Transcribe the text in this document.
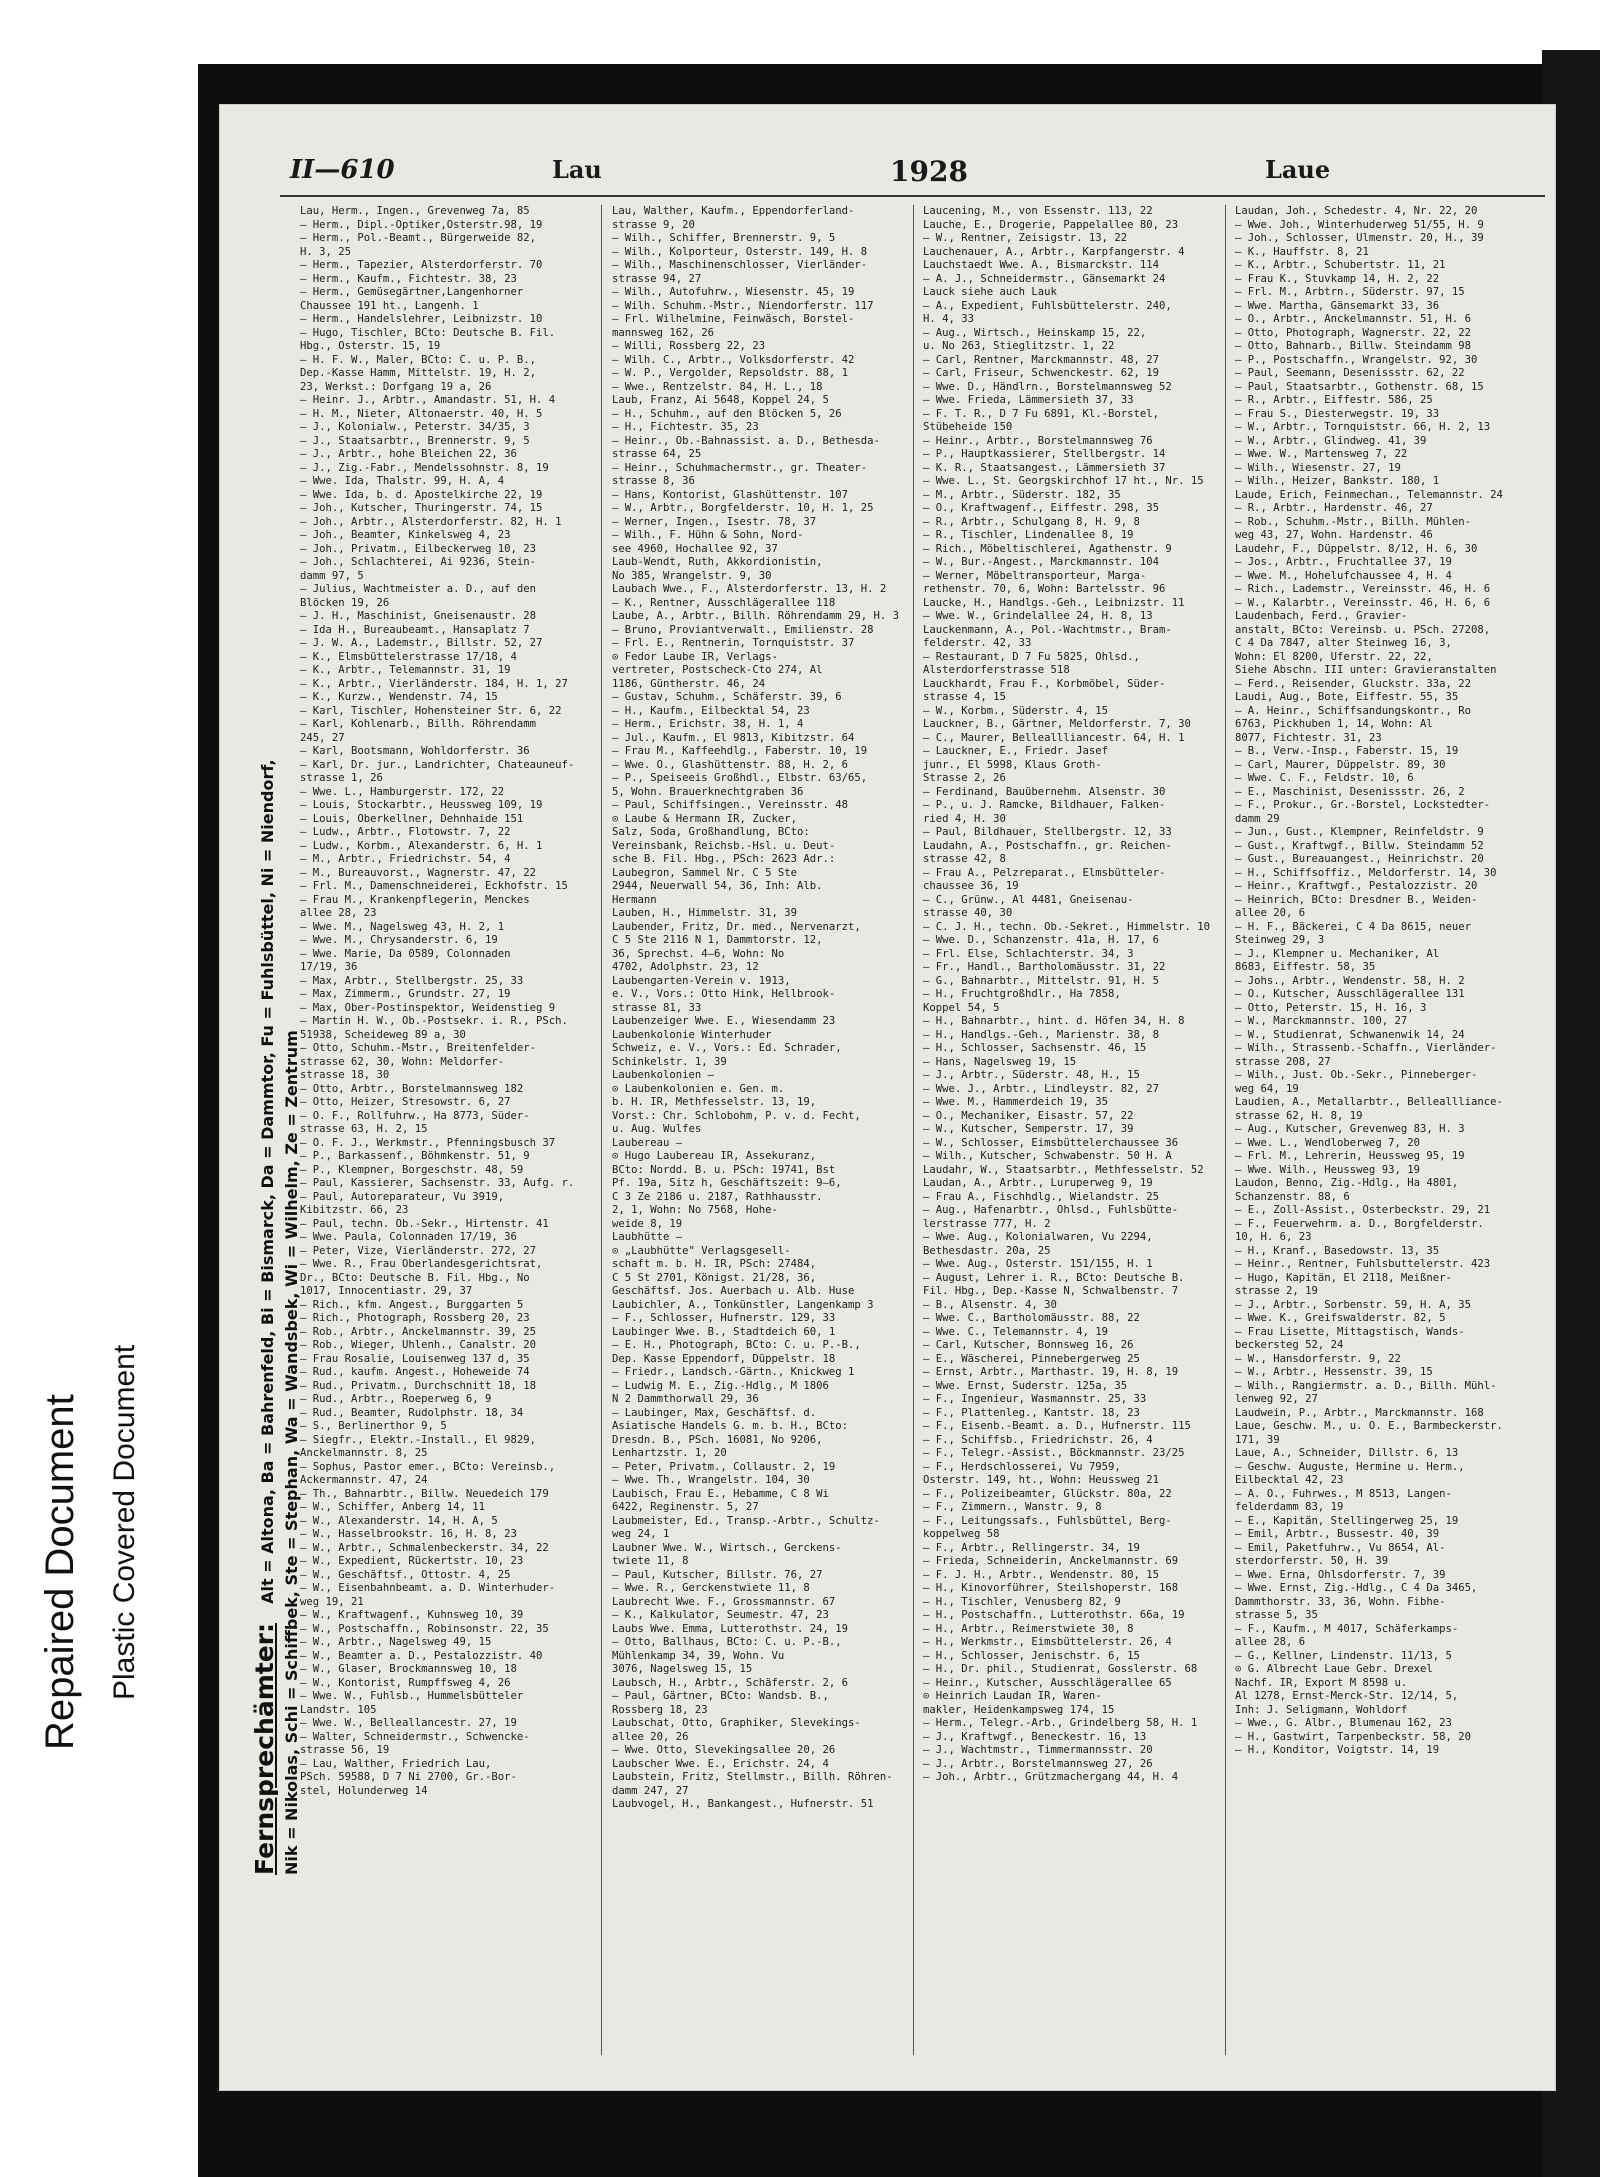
Repaired Document Plastic Covered Document
II—610	Lau	1928	Laue
Fernsprechämter: Alt = Altona, Ba = Bahrenfeld, Bi = Bismarck, Da = Dammtor, Fu = Fuhlsbüttel, Ni = Niendorf, Nik = Nikolas, Schi = Schiffbek, Ste = Stephan, Wa = Wandsbek, Wi = Wilhelm, Ze = Zentrum
Lau, Herm., Ingen., Grevenweg 7a, 85
— Herm., Dipl.-Optiker,Osterstr.98, 19
— Herm., Pol.-Beamt., Bürgerweide 82,
H. 3, 25
— Herm., Tapezier, Alsterdorferstr. 70
— Herm., Kaufm., Fichtestr. 38, 23
— Herm., Gemüsegärtner,Langenhorner
Chaussee 191 ht., Langenh. 1
— Herm., Handelslehrer, Leibnizstr. 10
— Hugo, Tischler, BCto: Deutsche B. Fil.
Hbg., Osterstr. 15, 19
— H. F. W., Maler, BCto: C. u. P. B.,
Dep.-Kasse Hamm, Mittelstr. 19, H. 2,
23, Werkst.: Dorfgang 19 a, 26
— Heinr. J., Arbtr., Amandastr. 51, H. 4
— H. M., Nieter, Altonaerstr. 40, H. 5
— J., Kolonialw., Peterstr. 34/35, 3
— J., Staatsarbtr., Brennerstr. 9, 5
— J., Arbtr., hohe Bleichen 22, 36
— J., Zig.-Fabr., Mendelssohnstr. 8, 19
— Wwe. Ida, Thalstr. 99, H. A, 4
— Wwe. Ida, b. d. Apostelkirche 22, 19
— Joh., Kutscher, Thuringerstr. 74, 15
— Joh., Arbtr., Alsterdorferstr. 82, H. 1
— Joh., Beamter, Kinkelsweg 4, 23
— Joh., Privatm., Eilbeckerweg 10, 23
— Joh., Schlachterei, Ai 9236, Stein-
damm 97, 5
— Julius, Wachtmeister a. D., auf den
Blöcken 19, 26
— J. H., Maschinist, Gneisenaustr. 28
— Ida H., Bureaubeamt., Hansaplatz 7
— J. W. A., Lademstr., Billstr. 52, 27
— K., Elmsbüttelerstrasse 17/18, 4
— K., Arbtr., Telemannstr. 31, 19
— K., Arbtr., Vierländerstr. 184, H. 1, 27
— K., Kurzw., Wendenstr. 74, 15
— Karl, Tischler, Hohensteiner Str. 6, 22
— Karl, Kohlenarb., Billh. Röhrendamm
245, 27
— Karl, Bootsmann, Wohldorferstr. 36
— Karl, Dr. jur., Landrichter, Chateauneuf-
strasse 1, 26
— Wwe. L., Hamburgerstr. 172, 22
— Louis, Stockarbtr., Heussweg 109, 19
— Louis, Oberkellner, Dehnhaide 151
— Ludw., Arbtr., Flotowstr. 7, 22
— Ludw., Korbm., Alexanderstr. 6, H. 1
— M., Arbtr., Friedrichstr. 54, 4
— M., Bureauvorst., Wagnerstr. 47, 22
— Frl. M., Damenschneiderei, Eckhofstr. 15
— Frau M., Krankenpflegerin, Menckes
allee 28, 23
— Wwe. M., Nagelsweg 43, H. 2, 1
— Wwe. M., Chrysanderstr. 6, 19
— Wwe. Marie, Da 0589, Colonnaden
17/19, 36
— Max, Arbtr., Stellbergstr. 25, 33
— Max, Zimmerm., Grundstr. 27, 19
— Max, Ober-Postinspektor, Weidenstieg 9
— Martin H. W., Ob.-Postsekr. i. R., PSch.
51938, Scheideweg 89 a, 30
— Otto, Schuhm.-Mstr., Breitenfelder-
strasse 62, 30, Wohn: Meldorfer-
strasse 18, 30
— Otto, Arbtr., Borstelmannsweg 182
— Otto, Heizer, Stresowstr. 6, 27
— O. F., Rollfuhrw., Ha 8773, Süder-
strasse 63, H. 2, 15
— O. F. J., Werkmstr., Pfenningsbusch 37
— P., Barkassenf., Böhmkenstr. 51, 9
— P., Klempner, Borgeschstr. 48, 59
— Paul, Kassierer, Sachsenstr. 33, Aufg. r.
— Paul, Autoreparateur, Vu 3919,
Kibitzstr. 66, 23
— Paul, techn. Ob.-Sekr., Hirtenstr. 41
— Wwe. Paula, Colonnaden 17/19, 36
— Peter, Vize, Vierländerstr. 272, 27
— Wwe. R., Frau Oberlandesgerichtsrat,
Dr., BCto: Deutsche B. Fil. Hbg., No
1017, Innocentiastr. 29, 37
— Rich., kfm. Angest., Burggarten 5
— Rich., Photograph, Rossberg 20, 23
— Rob., Arbtr., Anckelmannstr. 39, 25
— Rob., Wieger, Uhlenh., Canalstr. 20
— Frau Rosalie, Louisenweg 137 d, 35
— Rud., kaufm. Angest., Hoheweide 74
— Rud., Privatm., Durchschnitt 18, 18
— Rud., Arbtr., Roeperweg 6, 9
— Rud., Beamter, Rudolphstr. 18, 34
— S., Berlinerthor 9, 5
— Siegfr., Elektr.-Install., El 9829,
Anckelmannstr. 8, 25
— Sophus, Pastor emer., BCto: Vereinsb.,
Ackermannstr. 47, 24
— Th., Bahnarbtr., Billw. Neuedeich 179
— W., Schiffer, Anberg 14, 11
— W., Alexanderstr. 14, H. A, 5
— W., Hasselbrookstr. 16, H. 8, 23
— W., Arbtr., Schmalenbeckerstr. 34, 22
— W., Expedient, Rückertstr. 10, 23
— W., Geschäftsf., Ottostr. 4, 25
— W., Eisenbahnbeamt. a. D. Winterhuder-
weg 19, 21
— W., Kraftwagenf., Kuhnsweg 10, 39
— W., Postschaffn., Robinsonstr. 22, 35
— W., Arbtr., Nagelsweg 49, 15
— W., Beamter a. D., Pestalozzistr. 40
— W., Glaser, Brockmannsweg 10, 18
— W., Kontorist, Rumpffsweg 4, 26
— Wwe. W., Fuhlsb., Hummelsbütteler
Landstr. 105
— Wwe. W., Belleallancestr. 27, 19
— Walter, Schneidermstr., Schwencke-
strasse 56, 19
— Lau, Walther, Friedrich Lau,
PSch. 59588, D 7 Ni 2700, Gr.-Bor-
stel, Holunderweg 14
Lau, Walther, Kaufm., Eppendorferland-
strasse 9, 20
— Wilh., Schiffer, Brennerstr. 9, 5
— Wilh., Kolporteur, Osterstr. 149, H. 8
— Wilh., Maschinenschlosser, Vierländer-
strasse 94, 27
— Wilh., Autofuhrw., Wiesenstr. 45, 19
— Wilh. Schuhm.-Mstr., Niendorferstr. 117
— Frl. Wilhelmine, Feinwäsch, Borstel-
mannsweg 162, 26
— Willi, Rossberg 22, 23
— Wilh. C., Arbtr., Volksdorferstr. 42
— W. P., Vergolder, Repsoldstr. 88, 1
— Wwe., Rentzelstr. 84, H. L., 18
Laub, Franz, Ai 5648, Koppel 24, 5
— H., Schuhm., auf den Blöcken 5, 26
— H., Fichtestr. 35, 23
— Heinr., Ob.-Bahnassist. a. D., Bethesda-
strasse 64, 25
— Heinr., Schuhmachermstr., gr. Theater-
strasse 8, 36
— Hans, Kontorist, Glashüttenstr. 107
— W., Arbtr., Borgfelderstr. 10, H. 1, 25
— Werner, Ingen., Isestr. 78, 37
— Wilh., F. Hühn & Sohn, Nord-
see 4960, Hochallee 92, 37
Laub-Wendt, Ruth, Akkordionistin,
No 385, Wrangelstr. 9, 30
Laubach Wwe., F., Alsterdorferstr. 13, H. 2
— K., Rentner, Ausschlägerallee 118
Laube, A., Arbtr., Billh. Röhrendamm 29, H. 3
— Bruno, Proviantverwalt., Emilienstr. 28
— Frl. E., Rentnerin, Tornquiststr. 37
⊙ Fedor Laube IR, Verlags-
vertreter, Postscheck-Cto 274, Al
1186, Güntherstr. 46, 24
— Gustav, Schuhm., Schäferstr. 39, 6
— H., Kaufm., Eilbecktal 54, 23
— Herm., Erichstr. 38, H. 1, 4
— Jul., Kaufm., El 9813, Kibitzstr. 64
— Frau M., Kaffeehdlg., Faberstr. 10, 19
— Wwe. O., Glashüttenstr. 88, H. 2, 6
— P., Speiseeis Großhdl., Elbstr. 63/65,
5, Wohn. Brauerknechtgraben 36
— Paul, Schiffsingen., Vereinsstr. 48
⊙ Laube & Hermann IR, Zucker,
Salz, Soda, Großhandlung, BCto:
Vereinsbank, Reichsb.-Hsl. u. Deut-
sche B. Fil. Hbg., PSch: 2623 Adr.:
Laubegron, Sammel Nr. C 5 Ste
2944, Neuerwall 54, 36, Inh: Alb.
Hermann
Lauben, H., Himmelstr. 31, 39
Laubender, Fritz, Dr. med., Nervenarzt,
C 5 Ste 2116 N 1, Dammtorstr. 12,
36, Sprechst. 4—6, Wohn: No
4702, Adolphstr. 23, 12
Laubengarten-Verein v. 1913,
e. V., Vors.: Otto Hink, Hellbrook-
strasse 81, 33
Laubenzeiger Wwe. E., Wiesendamm 23
Laubenkolonie Winterhuder
Schweiz, e. V., Vors.: Ed. Schrader,
Schinkelstr. 1, 39
Laubenkolonien —
⊙ Laubenkolonien e. Gen. m.
b. H. IR, Methfesselstr. 13, 19,
Vorst.: Chr. Schlobohm, P. v. d. Fecht,
u. Aug. Wulfes
Laubereau —
⊙ Hugo Laubereau IR, Assekuranz,
BCto: Nordd. B. u. PSch: 19741, Bst
Pf. 19a, Sitz h, Geschäftszeit: 9—6,
C 3 Ze 2186 u. 2187, Rathhausstr.
2, 1, Wohn: No 7568, Hohe-
weide 8, 19
Laubhütte —
⊙ „Laubhütte" Verlagsgesell-
schaft m. b. H. IR, PSch: 27484,
C 5 St 2701, Königst. 21/28, 36,
Geschäftsf. Jos. Auerbach u. Alb. Huse
Laubichler, A., Tonkünstler, Langenkamp 3
— F., Schlosser, Hufnerstr. 129, 33
Laubinger Wwe. B., Stadtdeich 60, 1
— E. H., Photograph, BCto: C. u. P.-B.,
Dep. Kasse Eppendorf, Düppelstr. 18
— Friedr., Landsch.-Gärtn., Knickweg 1
— Ludwig M. E., Zig.-Hdlg., M 1806
N 2 Dammthorwall 29, 36
— Laubinger, Max, Geschäftsf. d.
Asiatische Handels G. m. b. H., BCto:
Dresdn. B., PSch. 16081, No 9206,
Lenhartzstr. 1, 20
— Peter, Privatm., Collaustr. 2, 19
— Wwe. Th., Wrangelstr. 104, 30
Laubisch, Frau E., Hebamme, C 8 Wi
6422, Reginenstr. 5, 27
Laubmeister, Ed., Transp.-Arbtr., Schultz-
weg 24, 1
Laubner Wwe. W., Wirtsch., Gerckens-
twiete 11, 8
— Paul, Kutscher, Billstr. 76, 27
— Wwe. R., Gerckenstwiete 11, 8
Laubrecht Wwe. F., Grossmannstr. 67
— K., Kalkulator, Seumestr. 47, 23
Laubs Wwe. Emma, Lutterothstr. 24, 19
— Otto, Ballhaus, BCto: C. u. P.-B.,
Mühlenkamp 34, 39, Wohn. Vu
3076, Nagelsweg 15, 15
Laubsch, H., Arbtr., Schäferstr. 2, 6
— Paul, Gärtner, BCto: Wandsb. B.,
Rossberg 18, 23
Laubschat, Otto, Graphiker, Slevekings-
allee 20, 26
— Wwe. Otto, Slevekingsallee 20, 26
Laubscher Wwe. E., Erichstr. 24, 4
Laubstein, Fritz, Stellmstr., Billh. Röhren-
damm 247, 27
Laubvogel, H., Bankangest., Hufnerstr. 51
Laucening, M., von Essenstr. 113, 22
Lauche, E., Drogerie, Pappelallee 80, 23
— W., Rentner, Zeisigstr. 13, 22
Lauchenauer, A., Arbtr., Karpfangerstr. 4
Lauchstaedt Wwe. A., Bismarckstr. 114
— A. J., Schneidermstr., Gänsemarkt 24
Lauck siehe auch Lauk
— A., Expedient, Fuhlsbüttelerstr. 240,
H. 4, 33
— Aug., Wirtsch., Heinskamp 15, 22,
u. No 263, Stieglitzstr. 1, 22
— Carl, Rentner, Marckmannstr. 48, 27
— Carl, Friseur, Schwenckestr. 62, 19
— Wwe. D., Händlrn., Borstelmannsweg 52
— Wwe. Frieda, Lämmersieth 37, 33
— F. T. R., D 7 Fu 6891, Kl.-Borstel,
Stübeheide 150
— Heinr., Arbtr., Borstelmannsweg 76
— P., Hauptkassierer, Stellbergstr. 14
— K. R., Staatsangest., Lämmersieth 37
— Wwe. L., St. Georgskirchhof 17 ht., Nr. 15
— M., Arbtr., Süderstr. 182, 35
— O., Kraftwagenf., Eiffestr. 298, 35
— R., Arbtr., Schulgang 8, H. 9, 8
— R., Tischler, Lindenallee 8, 19
— Rich., Möbeltischlerei, Agathenstr. 9
— W., Bur.-Angest., Marckmannstr. 104
— Werner, Möbeltransporteur, Marga-
rethenstr. 70, 6, Wohn: Bartelsstr. 96
Laucke, H., Handlgs.-Geh., Leibnizstr. 11
— Wwe. W., Grindelallee 24, H. 8, 13
Lauckenmann, A., Pol.-Wachtmstr., Bram-
felderstr. 42, 33
— Restaurant, D 7 Fu 5825, Ohlsd.,
Alsterdorferstrasse 518
Lauckhardt, Frau F., Korbmöbel, Süder-
strasse 4, 15
— W., Korbm., Süderstr. 4, 15
Lauckner, B., Gärtner, Meldorferstr. 7, 30
— C., Maurer, Belleallliancestr. 64, H. 1
— Lauckner, E., Friedr. Jasef
junr., El 5998, Klaus Groth-
Strasse 2, 26
— Ferdinand, Bauübernehm. Alsenstr. 30
— P., u. J. Ramcke, Bildhauer, Falken-
ried 4, H. 30
— Paul, Bildhauer, Stellbergstr. 12, 33
Laudahn, A., Postschaffn., gr. Reichen-
strasse 42, 8
— Frau A., Pelzreparat., Elmsbütteler-
chaussee 36, 19
— C., Grünw., Al 4481, Gneisenau-
strasse 40, 30
— C. J. H., techn. Ob.-Sekret., Himmelstr. 10
— Wwe. D., Schanzenstr. 41a, H. 17, 6
— Frl. Else, Schlachterstr. 34, 3
— Fr., Handl., Bartholomäusstr. 31, 22
— G., Bahnarbtr., Mittelstr. 91, H. 5
— H., Fruchtgroßhdlr., Ha 7858,
Koppel 54, 5
— H., Bahnarbtr., hint. d. Höfen 34, H. 8
— H., Handlgs.-Geh., Marienstr. 38, 8
— H., Schlosser, Sachsenstr. 46, 15
— Hans, Nagelsweg 19, 15
— J., Arbtr., Süderstr. 48, H., 15
— Wwe. J., Arbtr., Lindleystr. 82, 27
— Wwe. M., Hammerdeich 19, 35
— O., Mechaniker, Eisastr. 57, 22
— W., Kutscher, Semperstr. 17, 39
— W., Schlosser, Eimsbüttelerchaussee 36
— Wilh., Kutscher, Schwabenstr. 50 H. A
Laudahr, W., Staatsarbtr., Methfesselstr. 52
Laudan, A., Arbtr., Luruperweg 9, 19
— Frau A., Fischhdlg., Wielandstr. 25
— Aug., Hafenarbtr., Ohlsd., Fuhlsbütte-
lerstrasse 777, H. 2
— Wwe. Aug., Kolonialwaren, Vu 2294,
Bethesdastr. 20a, 25
— Wwe. Aug., Osterstr. 151/155, H. 1
— August, Lehrer i. R., BCto: Deutsche B.
Fil. Hbg., Dep.-Kasse N, Schwalbenstr. 7
— B., Alsenstr. 4, 30
— Wwe. C., Bartholomäusstr. 88, 22
— Wwe. C., Telemannstr. 4, 19
— Carl, Kutscher, Bonnsweg 16, 26
— E., Wäscherei, Pinnebergerweg 25
— Ernst, Arbtr., Marthastr. 19, H. 8, 19
— Wwe. Ernst, Suderstr. 125a, 35
— F., Ingenieur, Wasmannstr. 25, 33
— F., Plattenleg., Kantstr. 18, 23
— F., Eisenb.-Beamt. a. D., Hufnerstr. 115
— F., Schiffsb., Friedrichstr. 26, 4
— F., Telegr.-Assist., Böckmannstr. 23/25
— F., Herdschlosserei, Vu 7959,
Osterstr. 149, ht., Wohn: Heussweg 21
— F., Polizeibeamter, Glückstr. 80a, 22
— F., Zimmern., Wanstr. 9, 8
— F., Leitungssafs., Fuhlsbüttel, Berg-
koppelweg 58
— F., Arbtr., Rellingerstr. 34, 19
— Frieda, Schneiderin, Anckelmannstr. 69
— F. J. H., Arbtr., Wendenstr. 80, 15
— H., Kinovorführer, Steilshoperstr. 168
— H., Tischler, Venusberg 82, 9
— H., Postschaffn., Lutterothstr. 66a, 19
— H., Arbtr., Reimerstwiete 30, 8
— H., Werkmstr., Eimsbüttelerstr. 26, 4
— H., Schlosser, Jenischstr. 6, 15
— H., Dr. phil., Studienrat, Gosslerstr. 68
— Heinr., Kutscher, Ausschlägerallee 65
⊙ Heinrich Laudan IR, Waren-
makler, Heidenkampsweg 174, 15
— Herm., Telegr.-Arb., Grindelberg 58, H. 1
— J., Kraftwgf., Beneckestr. 16, 13
— J., Wachtmstr., Timmermannsstr. 20
— J., Arbtr., Borstelmannsweg 27, 26
— Joh., Arbtr., Grützmachergang 44, H. 4
Laudan, Joh., Schedestr. 4, Nr. 22, 20
— Wwe. Joh., Winterhuderweg 51/55, H. 9
— Joh., Schlosser, Ulmenstr. 20, H., 39
— K., Hauffstr. 8, 21
— K., Arbtr., Schubertstr. 11, 21
— Frau K., Stuvkamp 14, H. 2, 22
— Frl. M., Arbtrn., Süderstr. 97, 15
— Wwe. Martha, Gänsemarkt 33, 36
— O., Arbtr., Anckelmannstr. 51, H. 6
— Otto, Photograph, Wagnerstr. 22, 22
— Otto, Bahnarb., Billw. Steindamm 98
— P., Postschaffn., Wrangelstr. 92, 30
— Paul, Seemann, Desenissstr. 62, 22
— Paul, Staatsarbtr., Gothenstr. 68, 15
— R., Arbtr., Eiffestr. 586, 25
— Frau S., Diesterwegstr. 19, 33
— W., Arbtr., Tornquiststr. 66, H. 2, 13
— W., Arbtr., Glindweg. 41, 39
— Wwe. W., Martensweg 7, 22
— Wilh., Wiesenstr. 27, 19
— Wilh., Heizer, Bankstr. 180, 1
Laude, Erich, Feinmechan., Telemannstr. 24
— R., Arbtr., Hardenstr. 46, 27
— Rob., Schuhm.-Mstr., Billh. Mühlen-
weg 43, 27, Wohn. Hardenstr. 46
Laudehr, F., Düppelstr. 8/12, H. 6, 30
— Jos., Arbtr., Fruchtallee 37, 19
— Wwe. M., Hohelufchaussee 4, H. 4
— Rich., Lademstr., Vereinsstr. 46, H. 6
— W., Kalarbtr., Vereinsstr. 46, H. 6, 6
Laudenbach, Ferd., Gravier-
anstalt, BCto: Vereinsb. u. PSch. 27208,
C 4 Da 7847, alter Steinweg 16, 3,
Wohn: El 8200, Uferstr. 22, 22,
Siehe Abschn. III unter: Gravieranstalten
— Ferd., Reisender, Gluckstr. 33a, 22
Laudi, Aug., Bote, Eiffestr. 55, 35
— A. Heinr., Schiffsandungskontr., Ro
6763, Pickhuben 1, 14, Wohn: Al
8077, Fichtestr. 31, 23
— B., Verw.-Insp., Faberstr. 15, 19
— Carl, Maurer, Düppelstr. 89, 30
— Wwe. C. F., Feldstr. 10, 6
— E., Maschinist, Desenissstr. 26, 2
— F., Prokur., Gr.-Borstel, Lockstedter-
damm 29
— Jun., Gust., Klempner, Reinfeldstr. 9
— Gust., Kraftwgf., Billw. Steindamm 52
— Gust., Bureauangest., Heinrichstr. 20
— H., Schiffsoffiz., Meldorferstr. 14, 30
— Heinr., Kraftwgf., Pestalozzistr. 20
— Heinrich, BCto: Dresdner B., Weiden-
allee 20, 6
— H. F., Bäckerei, C 4 Da 8615, neuer
Steinweg 29, 3
— J., Klempner u. Mechaniker, Al
8683, Eiffestr. 58, 35
— Johs., Arbtr., Wendenstr. 58, H. 2
— O., Kutscher, Ausschlägerallee 131
— Otto, Peterstr. 15, H. 16, 3
— W., Marckmannstr. 100, 27
— W., Studienrat, Schwanenwik 14, 24
— Wilh., Strassenb.-Schaffn., Vierländer-
strasse 208, 27
— Wilh., Just. Ob.-Sekr., Pinneberger-
weg 64, 19
Laudien, A., Metallarbtr., Belleallliance-
strasse 62, H. 8, 19
— Aug., Kutscher, Grevenweg 83, H. 3
— Wwe. L., Wendloberweg 7, 20
— Frl. M., Lehrerin, Heussweg 95, 19
— Wwe. Wilh., Heussweg 93, 19
Laudon, Benno, Zig.-Hdlg., Ha 4801,
Schanzenstr. 88, 6
— E., Zoll-Assist., Osterbeckstr. 29, 21
— F., Feuerwehrm. a. D., Borgfelderstr.
10, H. 6, 23
— H., Kranf., Basedowstr. 13, 35
— Heinr., Rentner, Fuhlsbuttelerstr. 423
— Hugo, Kapitän, El 2118, Meißner-
strasse 2, 19
— J., Arbtr., Sorbenstr. 59, H. A, 35
— Wwe. K., Greifswalderstr. 82, 5
— Frau Lisette, Mittagstisch, Wands-
beckersteg 52, 24
— W., Hansdorferstr. 9, 22
— W., Arbtr., Hessenstr. 39, 15
— Wilh., Rangiermstr. a. D., Billh. Mühl-
lenweg 92, 27
Laudwein, P., Arbtr., Marckmannstr. 168
Laue, Geschw. M., u. O. E., Barmbeckerstr.
171, 39
Laue, A., Schneider, Dillstr. 6, 13
— Geschw. Auguste, Hermine u. Herm.,
Eilbecktal 42, 23
— A. O., Fuhrwes., M 8513, Langen-
felderdamm 83, 19
— E., Kapitän, Stellingerweg 25, 19
— Emil, Arbtr., Bussestr. 40, 39
— Emil, Paketfuhrw., Vu 8654, Al-
sterdorferstr. 50, H. 39
— Wwe. Erna, Ohlsdorferstr. 7, 39
— Wwe. Ernst, Zig.-Hdlg., C 4 Da 3465,
Dammthorstr. 33, 36, Wohn. Fibhe-
strasse 5, 35
— F., Kaufm., M 4017, Schäferkamps-
allee 28, 6
— G., Kellner, Lindenstr. 11/13, 5
⊙ G. Albrecht Laue Gebr. Drexel
Nachf. IR, Export M 8598 u.
Al 1278, Ernst-Merck-Str. 12/14, 5,
Inh: J. Seligmann, Wohldorf
— Wwe., G. Albr., Blumenau 162, 23
— H., Gastwirt, Tarpenbeckstr. 58, 20
— H., Konditor, Voigtstr. 14, 19
